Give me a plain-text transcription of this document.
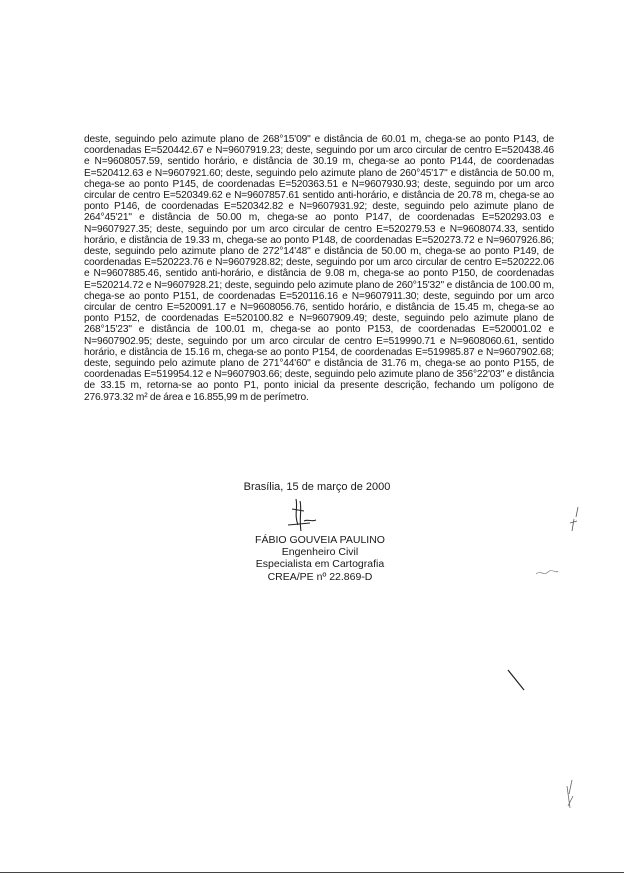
deste, seguindo pelo azimute plano de 268°15'09" e distância de 60.01 m, chega-se ao ponto P143, de coordenadas E=520442.67 e N=9607919.23; deste, seguindo por um arco circular de centro E=520438.46 e N=9608057.59, sentido horário, e distância de 30.19 m, chega-se ao ponto P144, de coordenadas E=520412.63 e N=9607921.60; deste, seguindo pelo azimute plano de 260°45'17" e distância de 50.00 m, chega-se ao ponto P145, de coordenadas E=520363.51 e N=9607930.93; deste, seguindo por um arco circular de centro E=520349.62 e N=9607857.61 sentido anti-horário, e distância de 20.78 m, chega-se ao ponto P146, de coordenadas E=520342.82 e N=9607931.92; deste, seguindo pelo azimute plano de 264°45'21" e distância de 50.00 m, chega-se ao ponto P147, de coordenadas E=520293.03 e N=9607927.35; deste, seguindo por um arco circular de centro E=520279.53 e N=9608074.33, sentido horário, e distância de 19.33 m, chega-se ao ponto P148, de coordenadas E=520273.72 e N=9607926.86; deste, seguindo pelo azimute plano de 272°14'48" e distância de 50.00 m, chega-se ao ponto P149, de coordenadas E=520223.76 e N=9607928.82; deste, seguindo por um arco circular de centro E=520222.06 e N=9607885.46, sentido anti-horário, e distância de 9.08 m, chega-se ao ponto P150, de coordenadas E=520214.72 e N=9607928.21; deste, seguindo pelo azimute plano de 260°15'32" e distância de 100.00 m, chega-se ao ponto P151, de coordenadas E=520116.16 e N=9607911.30; deste, seguindo por um arco circular de centro E=520091.17 e N=9608056.76, sentido horário, e distância de 15.45 m, chega-se ao ponto P152, de coordenadas E=520100.82 e N=9607909.49; deste, seguindo pelo azimute plano de 268°15'23" e distância de 100.01 m, chega-se ao ponto P153, de coordenadas E=520001.02 e N=9607902.95; deste, seguindo por um arco circular de centro E=519990.71 e N=9608060.61, sentido horário, e distância de 15.16 m, chega-se ao ponto P154, de coordenadas E=519985.87 e N=9607902.68; deste, seguindo pelo azimute plano de 271°44'60" e distância de 31.76 m, chega-se ao ponto P155, de coordenadas E=519954.12 e N=9607903.66; deste, seguindo pelo azimute plano de 356°22'03" e distância de 33.15 m, retorna-se ao ponto P1, ponto inicial da presente descrição, fechando um polígono de 276.973.32 m² de área e 16.855,99 m de perímetro.

Brasília, 15 de março de 2000
FÁBIO GOUVEIA PAULINO
Engenheiro Civil
Especialista em Cartografia
CREA/PE nº 22.869-D
